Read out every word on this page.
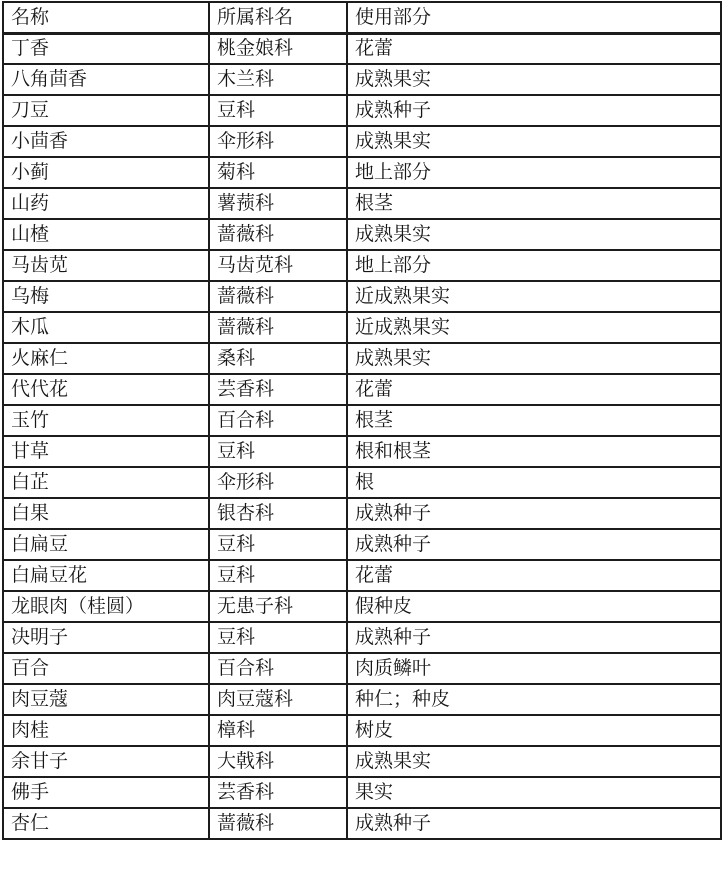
名称	所属科名	使用部分
丁香	桃金娘科	花蕾
八角茴香	木兰科	成熟果实
刀豆	豆科	成熟种子
小茴香	伞形科	成熟果实
小蓟	菊科	地上部分
山药	薯蓣科	根茎
山楂	蔷薇科	成熟果实
马齿苋	马齿苋科	地上部分
乌梅	蔷薇科	近成熟果实
木瓜	蔷薇科	近成熟果实
火麻仁	桑科	成熟果实
代代花	芸香科	花蕾
玉竹	百合科	根茎
甘草	豆科	根和根茎
白芷	伞形科	根
白果	银杏科	成熟种子
白扁豆	豆科	成熟种子
白扁豆花	豆科	花蕾
龙眼肉（桂圆）	无患子科	假种皮
决明子	豆科	成熟种子
百合	百合科	肉质鳞叶
肉豆蔻	肉豆蔻科	种仁；种皮
肉桂	樟科	树皮
余甘子	大戟科	成熟果实
佛手	芸香科	果实
杏仁	蔷薇科	成熟种子
